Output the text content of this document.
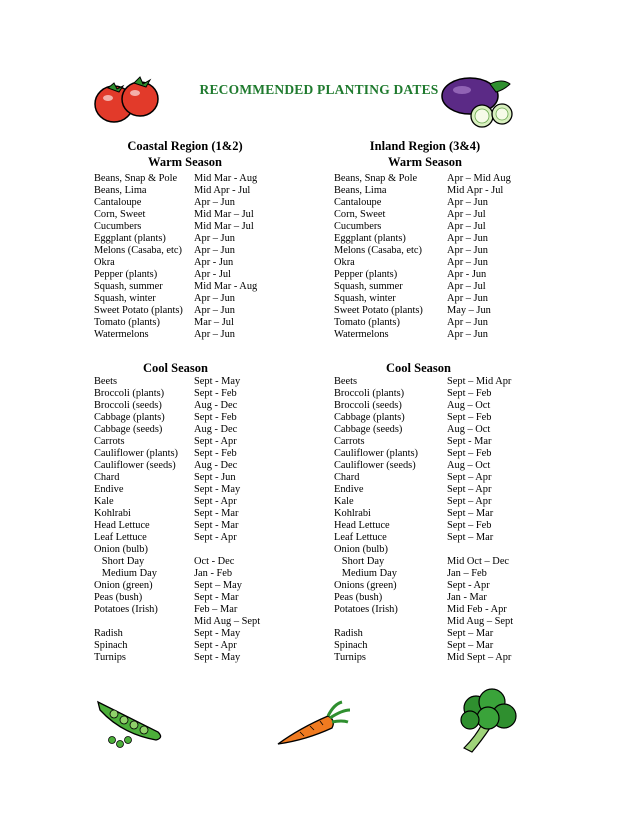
RECOMMENDED PLANTING DATES
Coastal Region (1&2)
Warm Season
Inland Region (3&4)
Warm Season
Beans, Snap & Pole	Mid Mar - Aug
Beans, Lima	Mid Apr - Jul
Cantaloupe	Apr – Jun
Corn, Sweet	Mid Mar – Jul
Cucumbers	Mid Mar – Jul
Eggplant (plants)	Apr – Jun
Melons (Casaba, etc)	Apr – Jun
Okra	Apr - Jun
Pepper (plants)	Apr - Jul
Squash, summer	Mid Mar - Aug
Squash, winter	Apr – Jun
Sweet Potato (plants)	Apr – Jun
Tomato (plants)	Mar – Jul
Watermelons	Apr – Jun
Beans, Snap & Pole	Apr – Mid Aug
Beans, Lima	Mid Apr - Jul
Cantaloupe	Apr – Jun
Corn, Sweet	Apr – Jul
Cucumbers	Apr – Jul
Eggplant (plants)	Apr – Jun
Melons (Casaba, etc)	Apr – Jun
Okra	Apr – Jun
Pepper (plants)	Apr - Jun
Squash, summer	Apr – Jul
Squash, winter	Apr – Jun
Sweet Potato (plants)	May – Jun
Tomato (plants)	Apr – Jun
Watermelons	Apr – Jun
Cool Season	Cool Season
Beets	Sept - May
Broccoli (plants)	Sept - Feb
Broccoli (seeds)	Aug - Dec
Cabbage (plants)	Sept - Feb
Cabbage (seeds)	Aug - Dec
Carrots	Sept - Apr
Cauliflower (plants)	Sept - Feb
Cauliflower (seeds)	Aug - Dec
Chard	Sept - Jun
Endive	Sept - May
Kale	Sept - Apr
Kohlrabi	Sept - Mar
Head Lettuce	Sept - Mar
Leaf Lettuce	Sept - Apr
Onion (bulb)
Short Day	Oct - Dec
Medium Day	Jan - Feb
Onion (green)	Sept – May
Peas (bush)	Sept - Mar
Potatoes (Irish)	Feb – Mar
Mid Aug – Sept
Radish	Sept - May
Spinach	Sept - Apr
Turnips	Sept - May
Beets	Sept – Mid Apr
Broccoli (plants)	Sept – Feb
Broccoli (seeds)	Aug – Oct
Cabbage (plants)	Sept – Feb
Cabbage (seeds)	Aug – Oct
Carrots	Sept - Mar
Cauliflower (plants)	Sept – Feb
Cauliflower (seeds)	Aug – Oct
Chard	Sept – Apr
Endive	Sept – Apr
Kale	Sept – Apr
Kohlrabi	Sept – Mar
Head Lettuce	Sept – Feb
Leaf Lettuce	Sept – Mar
Onion (bulb)
Short Day	Mid Oct – Dec
Medium Day	Jan – Feb
Onions (green)	Sept - Apr
Peas (bush)	Jan - Mar
Potatoes (Irish)	Mid Feb - Apr
Mid Aug – Sept
Radish	Sept – Mar
Spinach	Sept – Mar
Turnips	Mid Sept – Apr
